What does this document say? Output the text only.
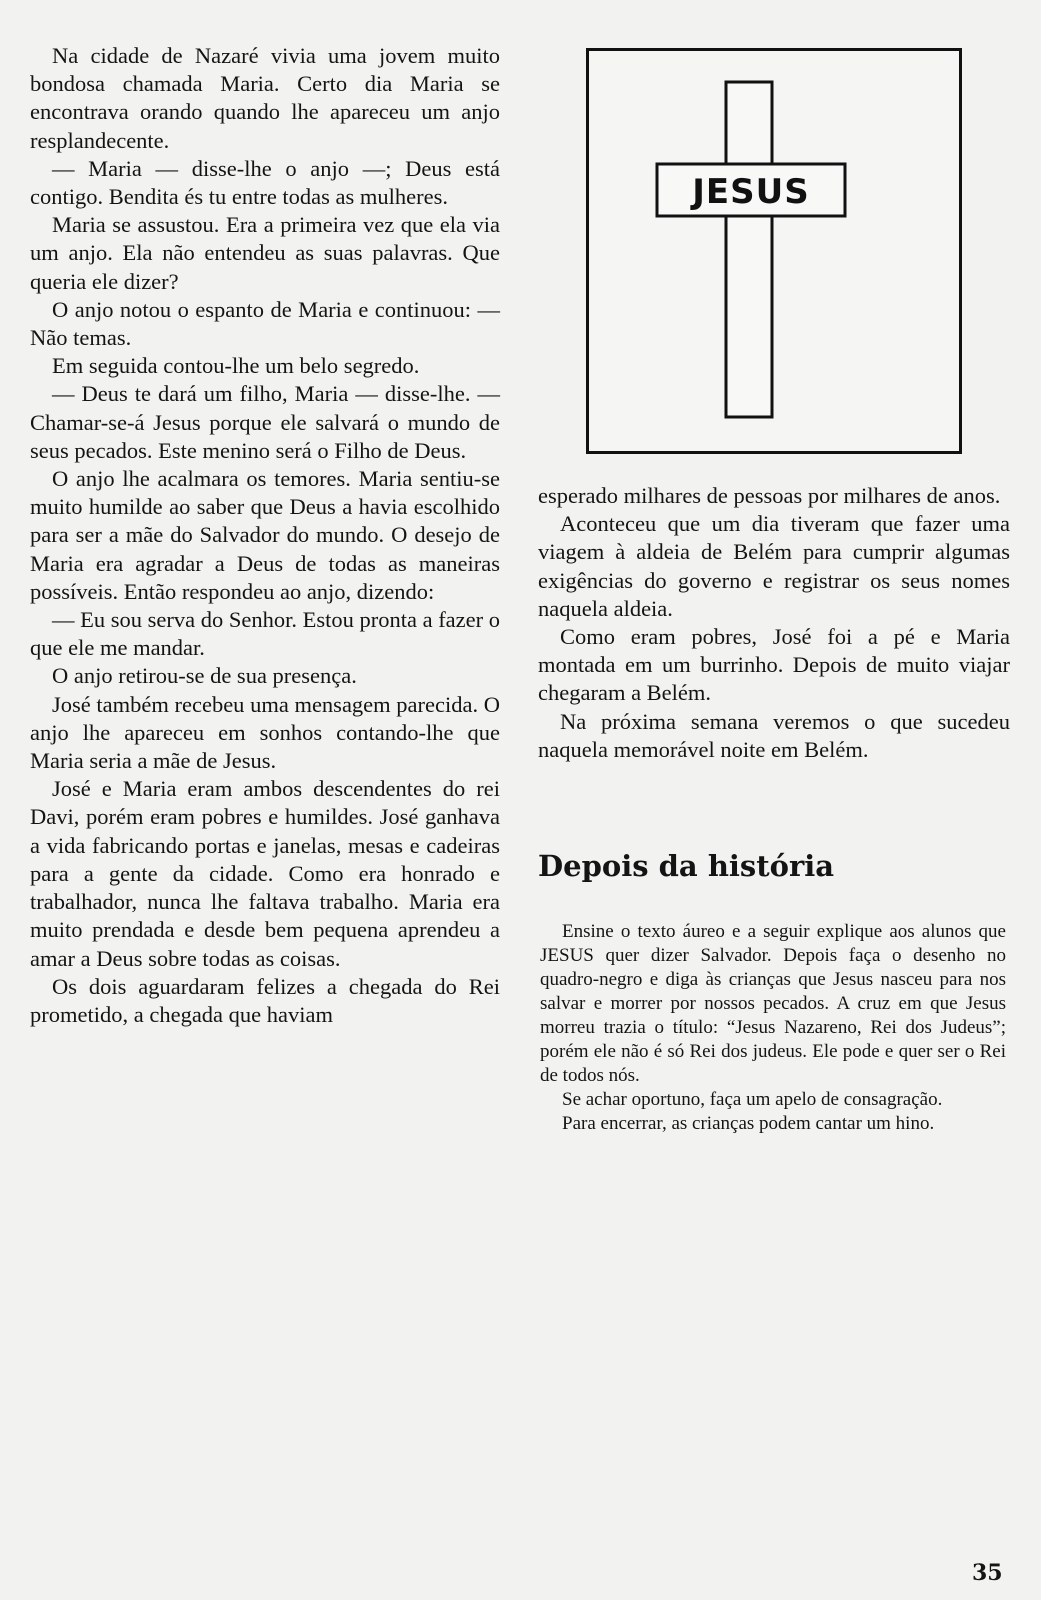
Na cidade de Nazaré vivia uma jovem muito bondosa chamada Maria. Certo dia Maria se encontrava orando quando lhe apareceu um anjo resplandecente.

— Maria — disse-lhe o anjo —; Deus está contigo. Bendita és tu entre todas as mulheres.

Maria se assustou. Era a primeira vez que ela via um anjo. Ela não entendeu as suas palavras. Que queria ele dizer?

O anjo notou o espanto de Maria e continuou: — Não temas.

Em seguida contou-lhe um belo segredo.

— Deus te dará um filho, Maria — disse-lhe. — Chamar-se-á Jesus porque ele salvará o mundo de seus pecados. Este menino será o Filho de Deus.

O anjo lhe acalmara os temores. Maria sentiu-se muito humilde ao saber que Deus a havia escolhido para ser a mãe do Salvador do mundo. O desejo de Maria era agradar a Deus de todas as maneiras possíveis. Então respondeu ao anjo, dizendo:

— Eu sou serva do Senhor. Estou pronta a fazer o que ele me mandar.

O anjo retirou-se de sua presença.

José também recebeu uma mensagem parecida. O anjo lhe apareceu em sonhos contando-lhe que Maria seria a mãe de Jesus.

José e Maria eram ambos descendentes do rei Davi, porém eram pobres e humildes. José ganhava a vida fabricando portas e janelas, mesas e cadeiras para a gente da cidade. Como era honrado e trabalhador, nunca lhe faltava trabalho. Maria era muito prendada e desde bem pequena aprendeu a amar a Deus sobre todas as coisas.

Os dois aguardaram felizes a chegada do Rei prometido, a chegada que haviam

JESUS

esperado milhares de pessoas por milhares de anos.

Aconteceu que um dia tiveram que fazer uma viagem à aldeia de Belém para cumprir algumas exigências do governo e registrar os seus nomes naquela aldeia.

Como eram pobres, José foi a pé e Maria montada em um burrinho. Depois de muito viajar chegaram a Belém.

Na próxima semana veremos o que sucedeu naquela memorável noite em Belém.

Depois da história

Ensine o texto áureo e a seguir explique aos alunos que JESUS quer dizer Salvador. Depois faça o desenho no quadro-negro e diga às crianças que Jesus nasceu para nos salvar e morrer por nossos pecados. A cruz em que Jesus morreu trazia o título: “Jesus Nazareno, Rei dos Judeus”; porém ele não é só Rei dos judeus. Ele pode e quer ser o Rei de todos nós.

Se achar oportuno, faça um apelo de consagração.

Para encerrar, as crianças podem cantar um hino.

35
